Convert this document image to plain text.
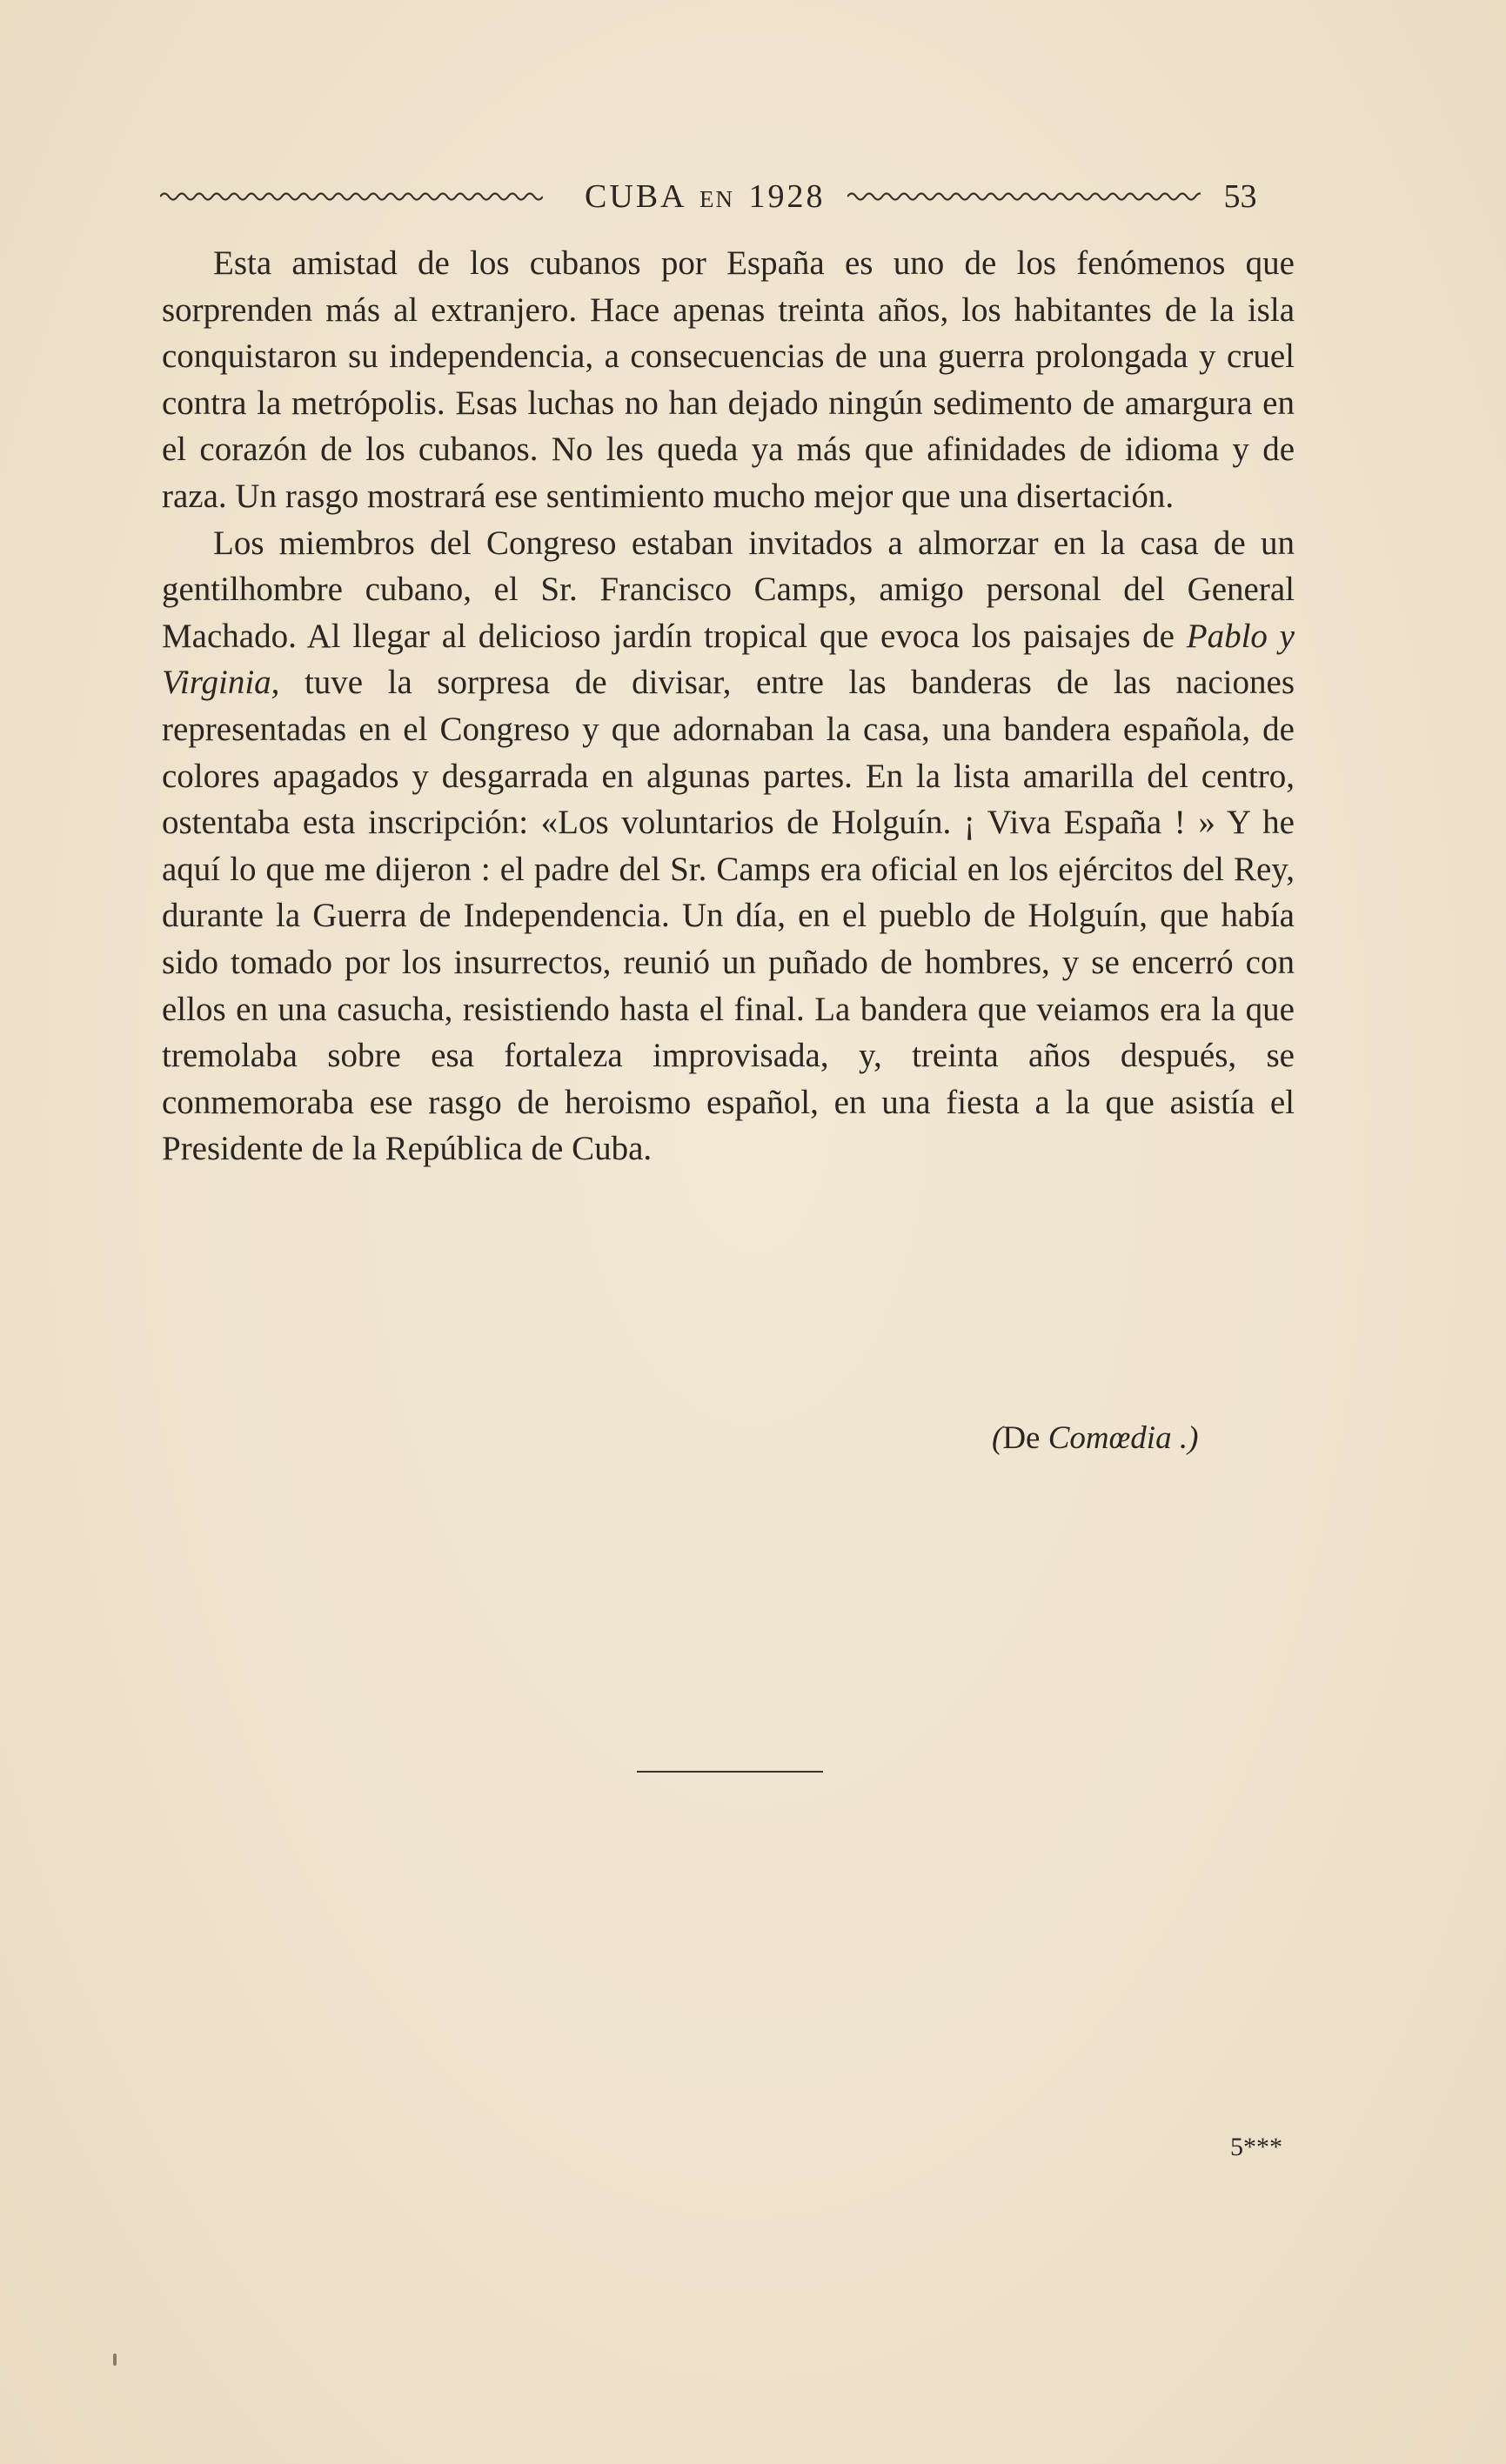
CUBA EN 1928	53

Esta amistad de los cubanos por España es uno de los fenómenos que sorprenden más al extranjero. Hace apenas treinta años, los habitantes de la isla conquistaron su independencia, a consecuencias de una guerra prolongada y cruel contra la metrópolis. Esas luchas no han dejado ningún sedimento de amargura en el corazón de los cubanos. No les queda ya más que afinidades de idioma y de raza. Un rasgo mostrará ese sentimiento mucho mejor que una disertación.

Los miembros del Congreso estaban invitados a almorzar en la casa de un gentilhombre cubano, el Sr. Francisco Camps, amigo personal del General Machado. Al llegar al delicioso jardín tropical que evoca los paisajes de Pablo y Virginia, tuve la sorpresa de divisar, entre las banderas de las naciones representadas en el Congreso y que adornaban la casa, una bandera española, de colores apagados y desgarrada en algunas partes. En la lista amarilla del centro, ostentaba esta inscripción: «Los voluntarios de Holguín. ¡ Viva España ! » Y he aquí lo que me dijeron : el padre del Sr. Camps era oficial en los ejércitos del Rey, durante la Guerra de Independencia. Un día, en el pueblo de Holguín, que había sido tomado por los insurrectos, reunió un puñado de hombres, y se encerró con ellos en una casucha, resistiendo hasta el final. La bandera que veiamos era la que tremolaba sobre esa fortaleza improvisada, y, treinta años después, se conmemoraba ese rasgo de heroismo español, en una fiesta a la que asistía el Presidente de la República de Cuba.

(De Comœdia .)
5***
